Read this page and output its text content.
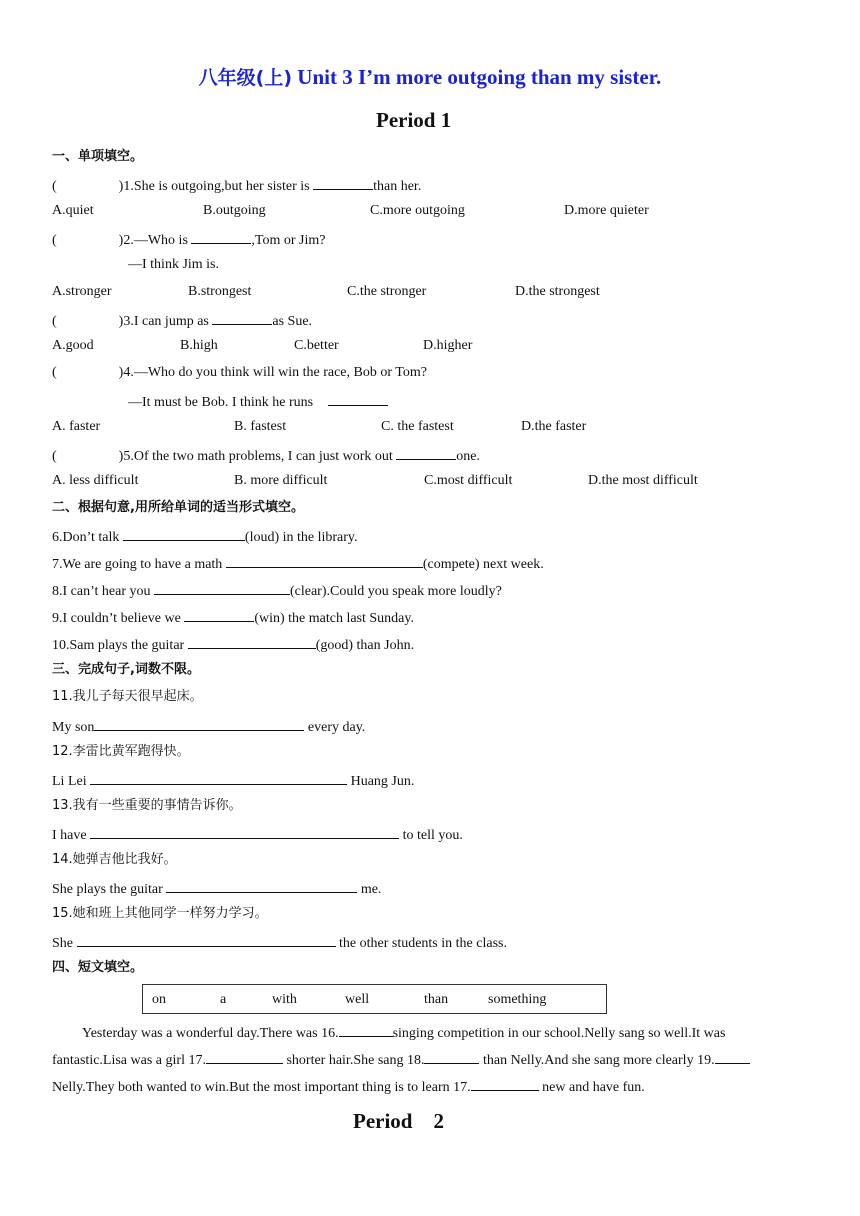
八年级(上) Unit 3 I’m more outgoing than my sister.
Period 1
一、单项填空。
(	)1.She is outgoing,but her sister is	than her.
A.quiet	B.outgoing	C.more outgoing	D.more quieter
(	)2.—Who is	,Tom or Jim?
—I think Jim is.
A.stronger	B.strongest	C.the stronger	D.the strongest
(	)3.I can jump as	as Sue.
A.good	B.high	C.better	D.higher
(	)4.—Who do you think will win the race, Bob or Tom?
—It must be Bob. I think he runs
A. faster	B. fastest	C. the fastest	D.the faster
(	)5.Of the two math problems, I can just work out	one.
A. less difficult	B. more difficult	C.most difficult	D.the most difficult
二、根据句意,用所给单词的适当形式填空。
6.Don’t talk	(loud) in the library.
7.We are going to have a math	(compete) next week.
8.I can’t hear you	(clear).Could you speak more loudly?
9.I couldn’t believe we	(win) the match last Sunday.
10.Sam plays the guitar	(good) than John.
三、完成句子,词数不限。
11.我儿子每天很早起床。
My son	every day.
12.李雷比黄军跑得快。
Li Lei	Huang Jun.
13.我有一些重要的事情告诉你。
I have	to tell you.
14.她弹吉他比我好。
She plays the guitar	me.
15.她和班上其他同学一样努力学习。
She	the other students in the class.
四、短文填空。
on	a	with	well	than	something
Yesterday was a wonderful day.There was 16.	singing competition in our school.Nelly sang so well.It was
fantastic.Lisa was a girl 17.	shorter hair.She sang 18.	than Nelly.And she sang more clearly 19.
Nelly.They both wanted to win.But the most important thing is to learn 17.	new and have fun.
Period    2
